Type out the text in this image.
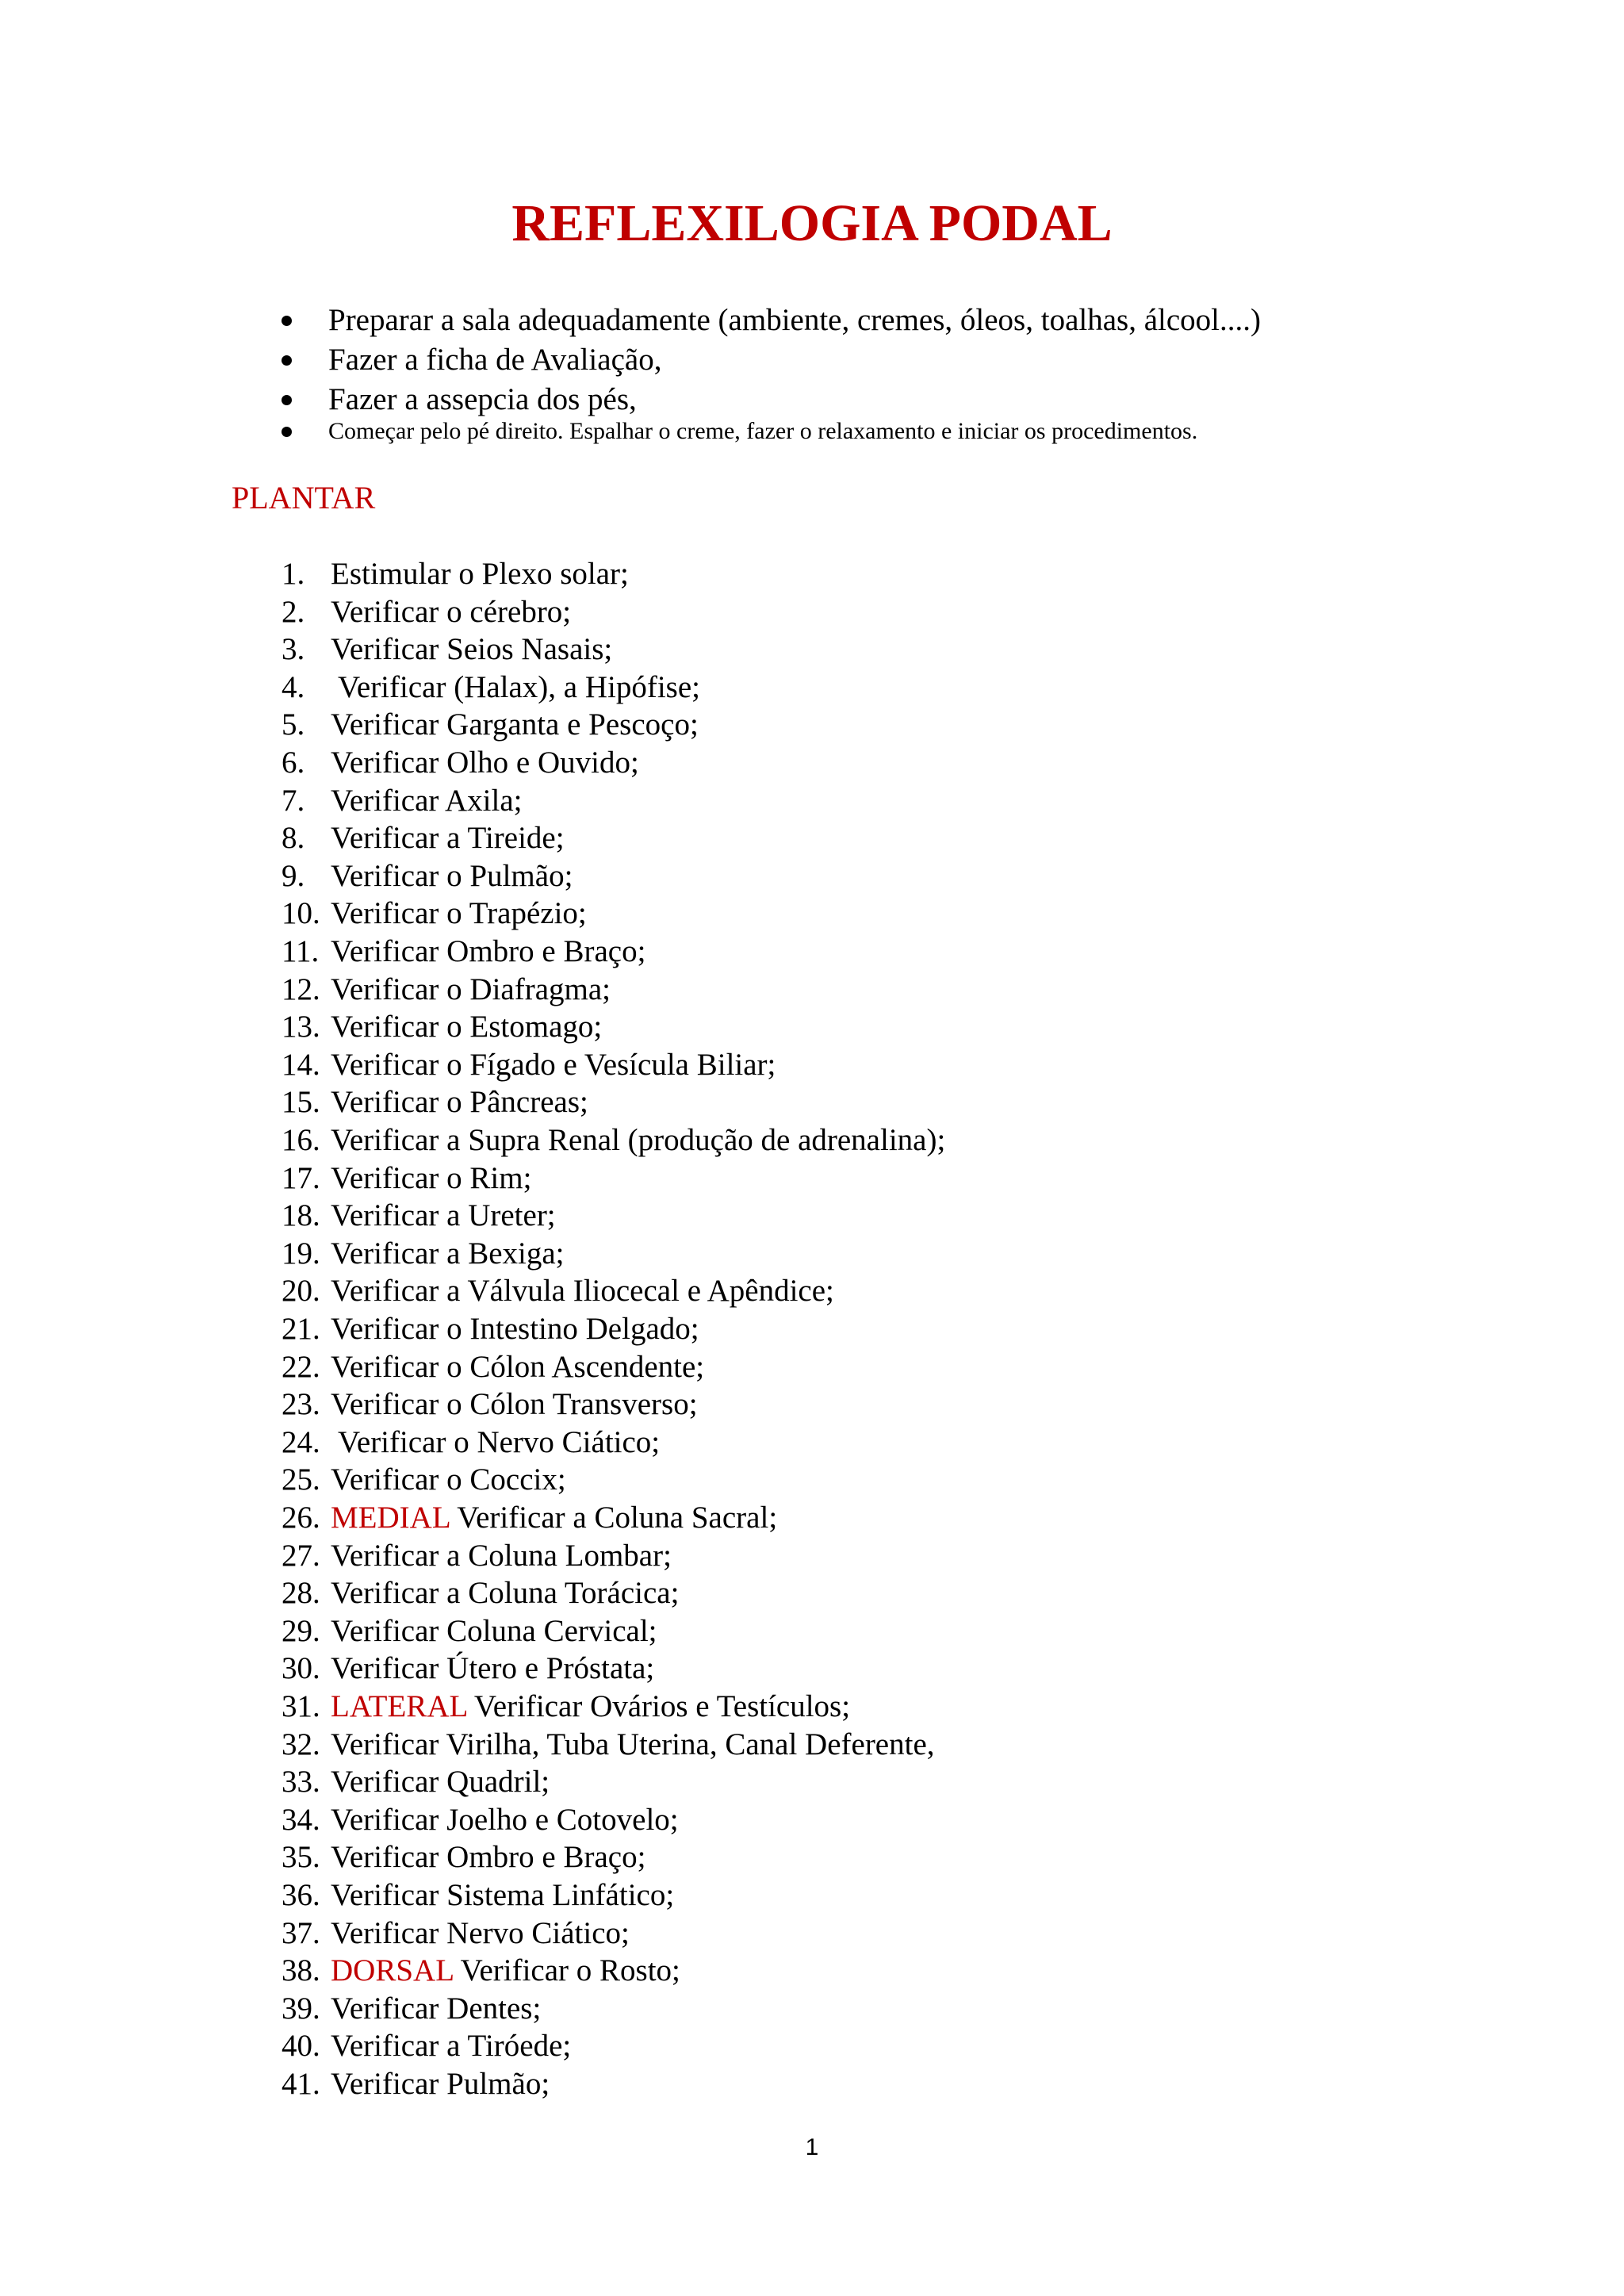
REFLEXILOGIA PODAL
Preparar a sala adequadamente (ambiente, cremes, óleos, toalhas, álcool....)
Fazer a ficha de Avaliação,
Fazer a assepcia dos pés,
Começar pelo pé direito. Espalhar o creme, fazer o relaxamento e iniciar os procedimentos.
PLANTAR
1. Estimular o Plexo solar;
2. Verificar o cérebro;
3. Verificar Seios Nasais;
4. Verificar (Halax), a Hipófise;
5. Verificar Garganta e Pescoço;
6. Verificar Olho e Ouvido;
7. Verificar Axila;
8. Verificar a Tireide;
9. Verificar o Pulmão;
10. Verificar o Trapézio;
11. Verificar Ombro e Braço;
12. Verificar o Diafragma;
13. Verificar o Estomago;
14. Verificar o Fígado e Vesícula Biliar;
15. Verificar o Pâncreas;
16. Verificar a Supra Renal (produção de adrenalina);
17. Verificar o Rim;
18. Verificar a Ureter;
19. Verificar a Bexiga;
20. Verificar a Válvula Iliocecal e Apêndice;
21. Verificar o Intestino Delgado;
22. Verificar o Cólon Ascendente;
23. Verificar o Cólon Transverso;
24. Verificar o Nervo Ciático;
25. Verificar o Coccix;
26. MEDIAL Verificar a Coluna Sacral;
27. Verificar a Coluna Lombar;
28. Verificar a Coluna Torácica;
29. Verificar Coluna Cervical;
30. Verificar Útero e Próstata;
31. LATERAL Verificar Ovários e Testículos;
32. Verificar Virilha, Tuba Uterina, Canal Deferente,
33. Verificar Quadril;
34. Verificar Joelho e Cotovelo;
35. Verificar Ombro e Braço;
36. Verificar Sistema Linfático;
37. Verificar Nervo Ciático;
38. DORSAL Verificar o Rosto;
39. Verificar Dentes;
40. Verificar a Tiróede;
41. Verificar Pulmão;
1
